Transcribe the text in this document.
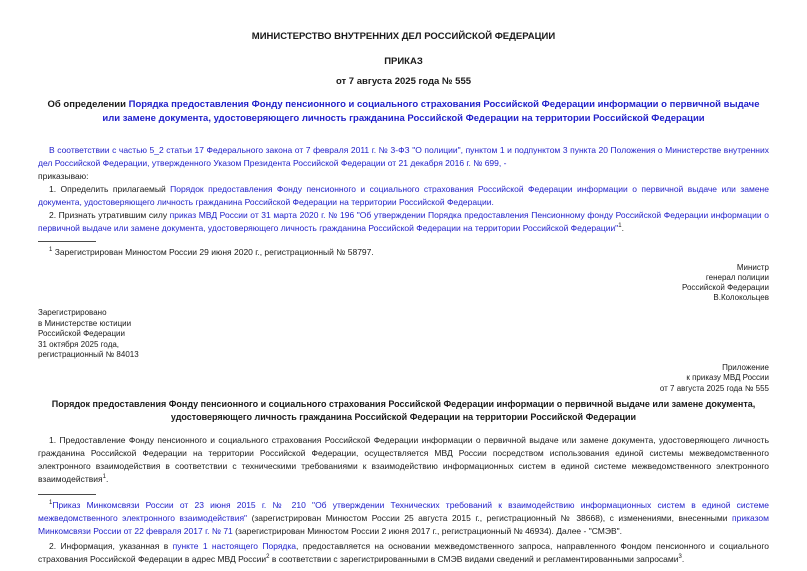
МИНИСТЕРСТВО ВНУТРЕННИХ ДЕЛ РОССИЙСКОЙ ФЕДЕРАЦИИ
ПРИКАЗ
от 7 августа 2025 года № 555
Об определении Порядка предоставления Фонду пенсионного и социального страхования Российской Федерации информации о первичной выдаче или замене документа, удостоверяющего личность гражданина Российской Федерации на территории Российской Федерации

В соответствии с частью 5_2 статьи 17 Федерального закона от 7 февраля 2011 г. № 3-ФЗ "О полиции", пунктом 1 и подпунктом 3 пункта 20 Положения о Министерстве внутренних дел Российской Федерации, утвержденного Указом Президента Российской Федерации от 21 декабря 2016 г. № 699, -

приказываю:

1. Определить прилагаемый Порядок предоставления Фонду пенсионного и социального страхования Российской Федерации информации о первичной выдаче или замене документа, удостоверяющего личность гражданина Российской Федерации на территории Российской Федерации.

2. Признать утратившим силу приказ МВД России от 31 марта 2020 г. № 196 "Об утверждении Порядка предоставления Пенсионному фонду Российской Федерации информации о первичной выдаче или замене документа, удостоверяющего личность гражданина Российской Федерации на территории Российской Федерации"$^1$.

$^1$ Зарегистрирован Минюстом России 29 июня 2020 г., регистрационный № 58797.

Министр
генерал полиции
Российской Федерации
В.Колокольцев
Зарегистрировано
в Министерстве юстиции
Российской Федерации
31 октября 2025 года,
регистрационный № 84013
Приложение
к приказу МВД России
от 7 августа 2025 года № 555
Порядок предоставления Фонду пенсионного и социального страхования Российской Федерации информации о первичной выдаче или замене документа, удостоверяющего личность гражданина Российской Федерации на территории Российской Федерации

1. Предоставление Фонду пенсионного и социального страхования Российской Федерации информации о первичной выдаче или замене документа, удостоверяющего личность гражданина Российской Федерации на территории Российской Федерации, осуществляется МВД России посредством использования единой системы межведомственного электронного взаимодействия в соответствии с техническими требованиями к взаимодействию информационных систем в единой системе межведомственного электронного взаимодействия$^1$.

$^1$Приказ Минкомсвязи России от 23 июня 2015 г. № 210 "Об утверждении Технических требований к взаимодействию информационных систем в единой системе межведомственного электронного взаимодействия" (зарегистрирован Минюстом России 25 августа 2015 г., регистрационный № 38668), с изменениями, внесенными приказом Минкомсвязи России от 22 февраля 2017 г. № 71 (зарегистрирован Минюстом России 2 июня 2017 г., регистрационный № 46934). Далее - "СМЭВ".

2. Информация, указанная в пункте 1 настоящего Порядка, предоставляется на основании межведомственного запроса, направленного Фондом пенсионного и социального страхования Российской Федерации в адрес МВД России$^2$ в соответствии с зарегистрированными в СМЭВ видами сведений и регламентированными запросами$^3$.
